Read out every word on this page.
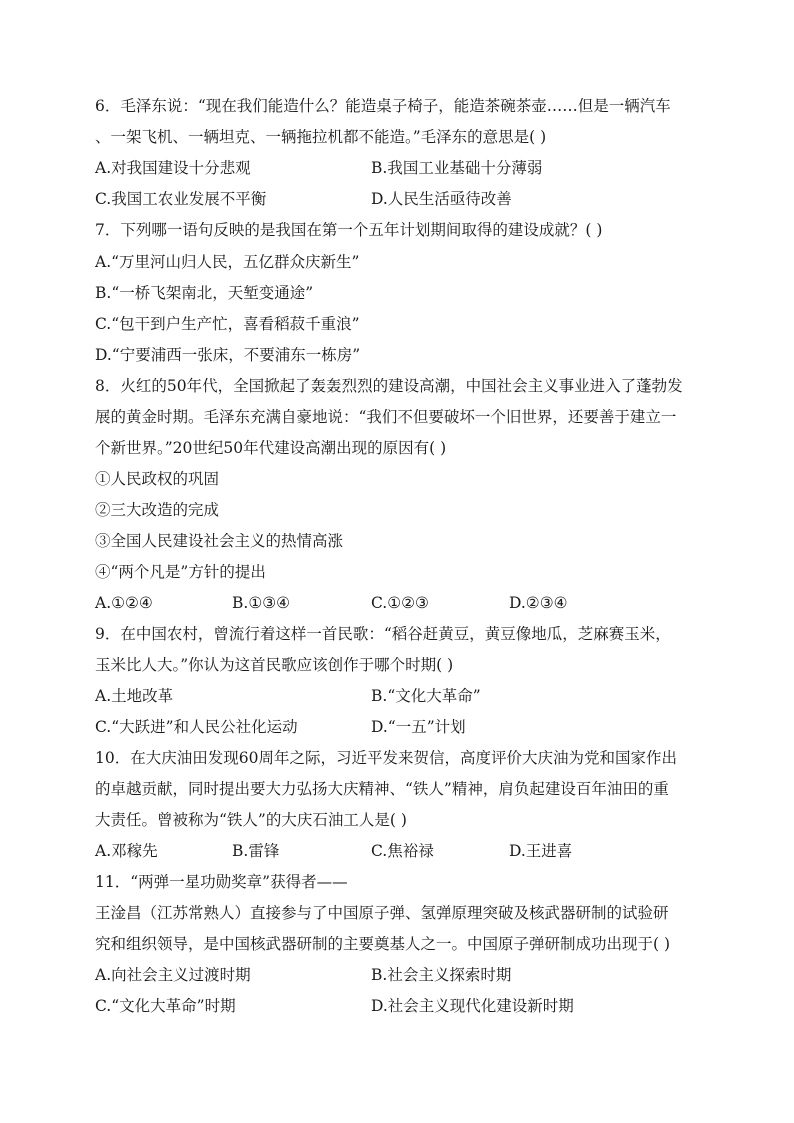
6．毛泽东说：“现在我们能造什么？能造桌子椅子，能造茶碗茶壶……但是一辆汽车
、一架飞机、一辆坦克、一辆拖拉机都不能造。”毛泽东的意思是( )
A.对我国建设十分悲观	B.我国工业基础十分薄弱
C.我国工农业发展不平衡	D.人民生活亟待改善
7．下列哪一语句反映的是我国在第一个五年计划期间取得的建设成就？( )
A.“万里河山归人民，五亿群众庆新生”
B.“一桥飞架南北，天堑变通途”
C.“包干到户生产忙，喜看稻菽千重浪”
D.“宁要浦西一张床，不要浦东一栋房”
8．火红的50年代，全国掀起了轰轰烈烈的建设高潮，中国社会主义事业进入了蓬勃发
展的黄金时期。毛泽东充满自豪地说：“我们不但要破坏一个旧世界，还要善于建立一
个新世界。”20世纪50年代建设高潮出现的原因有( )
①人民政权的巩固
②三大改造的完成
③全国人民建设社会主义的热情高涨
④“两个凡是”方针的提出
A.①②④	B.①③④	C.①②③	D.②③④
9．在中国农村，曾流行着这样一首民歌：“稻谷赶黄豆，黄豆像地瓜，芝麻赛玉米，
玉米比人大。”你认为这首民歌应该创作于哪个时期( )
A.土地改革	B.“文化大革命”
C.“大跃进”和人民公社化运动	D.“一五”计划
10．在大庆油田发现60周年之际，习近平发来贺信，高度评价大庆油为党和国家作出
的卓越贡献，同时提出要大力弘扬大庆精神、“铁人”精神，肩负起建设百年油田的重
大责任。曾被称为“铁人”的大庆石油工人是( )
A.邓稼先	B.雷锋	C.焦裕禄	D.王进喜
11．“两弹一星功勋奖章”获得者——
王淦昌（江苏常熟人）直接参与了中国原子弹、氢弹原理突破及核武器研制的试验研
究和组织领导，是中国核武器研制的主要奠基人之一。中国原子弹研制成功出现于( )
A.向社会主义过渡时期	B.社会主义探索时期
C.“文化大革命”时期	D.社会主义现代化建设新时期
